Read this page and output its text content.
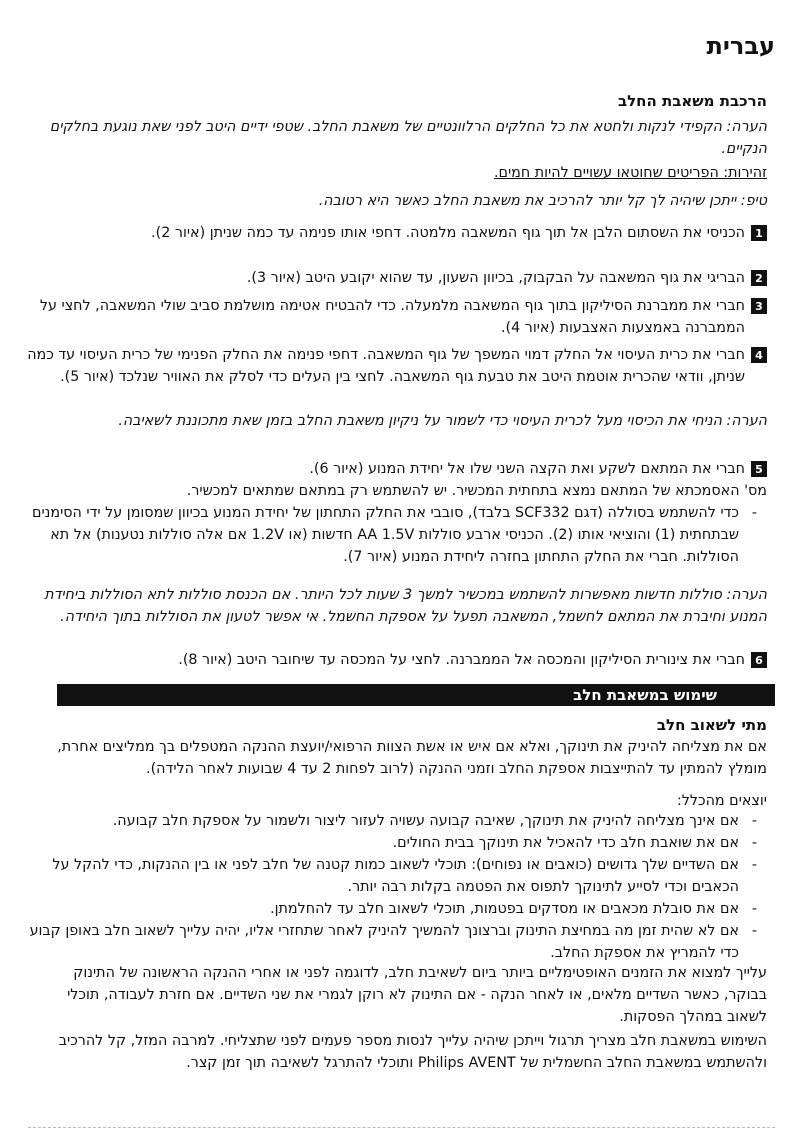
עברית
הרכבת משאבת החלב

הערה: הקפידי לנקות ולחטא את כל החלקים הרלוונטיים של משאבת החלב. שטפי ידיים היטב לפני שאת נוגעת בחלקים הנקיים.

זהירות: הפריטים שחוטאו עשויים להיות חמים.

טיפ: ייתכן שיהיה לך קל יותר להרכיב את משאבת החלב כאשר היא רטובה.

1
הכניסי את השסתום הלבן אל תוך גוף המשאבה מלמטה. דחפי אותו פנימה עד כמה שניתן (איור 2).
2
הבריגי את גוף המשאבה על הבקבוק, בכיוון השעון, עד שהוא יקובע היטב (איור 3).
3
חברי את ממברנת הסיליקון בתוך גוף המשאבה מלמעלה. כדי להבטיח אטימה מושלמת סביב שולי המשאבה, לחצי על הממברנה באמצעות האצבעות (איור 4).
4
חברי את כרית העיסוי אל החלק דמוי המשפך של גוף המשאבה. דחפי פנימה את החלק הפנימי של כרית העיסוי עד כמה שניתן, וודאי שהכרית אוטמת היטב את טבעת גוף המשאבה. לחצי בין העלים כדי לסלק את האוויר שנלכד (איור 5).

הערה: הניחי את הכיסוי מעל לכרית העיסוי כדי לשמור על ניקיון משאבת החלב בזמן שאת מתכוננת לשאיבה.

5
חברי את המתאם לשקע ואת הקצה השני שלו אל יחידת המנוע (איור 6).

מס' האסמכתא של המתאם נמצא בתחתית המכשיר. יש להשתמש רק במתאם שמתאים למכשיר.

-
כדי להשתמש בסוללה (דגם SCF332 בלבד), סובבי את החלק התחתון של יחידת המנוע בכיוון שמסומן על ידי הסימנים שבתחתית (1) והוציאי אותו (2). הכניסי ארבע סוללות AA 1.5V חדשות (או 1.2V אם אלה סוללות נטענות) אל תא הסוללות. חברי את החלק התחתון בחזרה ליחידת המנוע (איור 7).

הערה: סוללות חדשות מאפשרות להשתמש במכשיר למשך 3 שעות לכל היותר. אם הכנסת סוללות לתא הסוללות ביחידת המנוע וחיברת את המתאם לחשמל, המשאבה תפעל על אספקת החשמל. אי אפשר לטעון את הסוללות בתוך היחידה.

6
חברי את צינורית הסיליקון והמכסה אל הממברנה. לחצי על המכסה עד שיחובר היטב (איור 8).
שימוש במשאבת חלב
מתי לשאוב חלב

אם את מצליחה להיניק את תינוקך, ואלא אם איש או אשת הצוות הרפואי/יועצת ההנקה המטפלים בך ממליצים אחרת, מומלץ להמתין עד להתייצבות אספקת החלב וזמני ההנקה (לרוב לפחות 2 עד 4 שבועות לאחר הלידה).

יוצאים מהכלל:

-
אם אינך מצליחה להיניק את תינוקך, שאיבה קבועה עשויה לעזור ליצור ולשמור על אספקת חלב קבועה.
-
אם את שואבת חלב כדי להאכיל את תינוקך בבית החולים.
-
אם השדיים שלך גדושים (כואבים או נפוחים): תוכלי לשאוב כמות קטנה של חלב לפני או בין ההנקות, כדי להקל על הכאבים וכדי לסייע לתינוקך לתפוס את הפטמה בקלות רבה יותר.
-
אם את סובלת מכאבים או מסדקים בפטמות, תוכלי לשאוב חלב עד להחלמתן.
-
אם לא שהית זמן מה במחיצת התינוק וברצונך להמשיך להיניק לאחר שתחזרי אליו, יהיה עלייך לשאוב חלב באופן קבוע כדי להמריץ את אספקת החלב.

עלייך למצוא את הזמנים האופטימליים ביותר ביום לשאיבת חלב, לדוגמה לפני או אחרי ההנקה הראשונה של התינוק בבוקר, כאשר השדיים מלאים, או לאחר הנקה - אם התינוק לא רוקן לגמרי את שני השדיים. אם חזרת לעבודה, תוכלי לשאוב במהלך הפסקות.

השימוש במשאבת חלב מצריך תרגול וייתכן שיהיה עלייך לנסות מספר פעמים לפני שתצליחי. למרבה המזל, קל להרכיב ולהשתמש במשאבת החלב החשמלית של Philips AVENT ותוכלי להתרגל לשאיבה תוך זמן קצר.
